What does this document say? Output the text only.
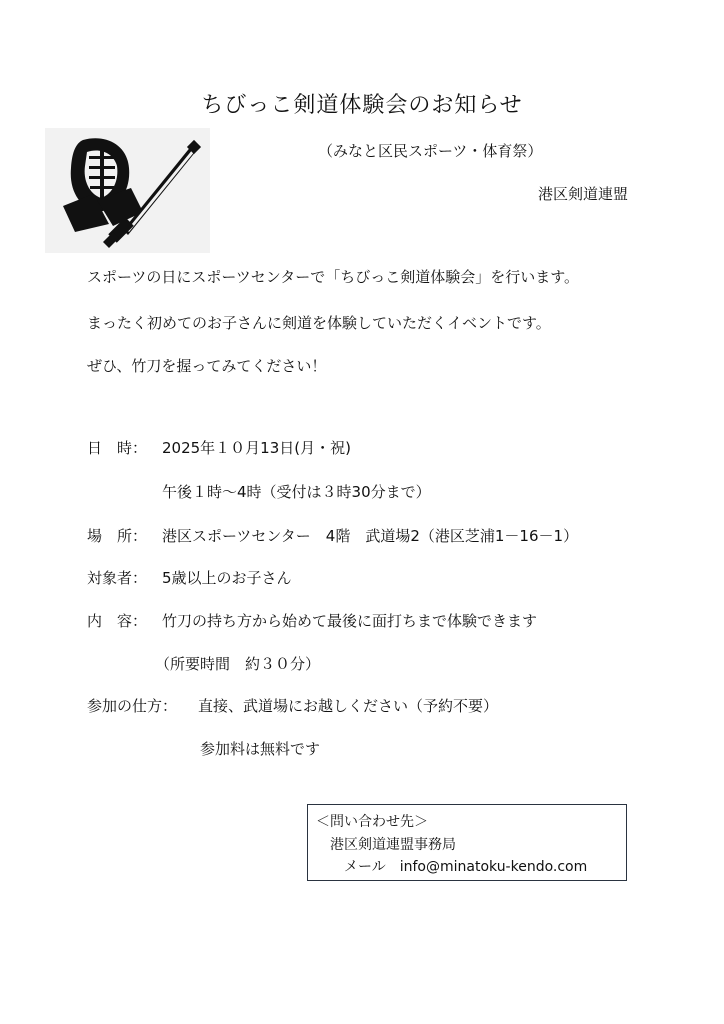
ちびっこ剣道体験会のお知らせ
（みなと区民スポーツ・体育祭）
港区剣道連盟
スポーツの日にスポーツセンターで「ちびっこ剣道体験会」を行います。
まったく初めてのお子さんに剣道を体験していただくイベントです。
ぜひ、竹刀を握ってみてください！
日　時： 2025年１０月13日(月・祝)
午後１時～4時（受付は３時30分まで）
場　所： 港区スポーツセンター　4階　武道場2（港区芝浦1－16－1）
対象者： 5歳以上のお子さん
内　容： 竹刀の持ち方から始めて最後に面打ちまで体験できます
（所要時間　約３０分）
参加の仕方： 直接、武道場にお越しください（予約不要）
参加料は無料です
＜問い合わせ先＞
港区剣道連盟事務局
メール　info@minatoku-kendo.com
